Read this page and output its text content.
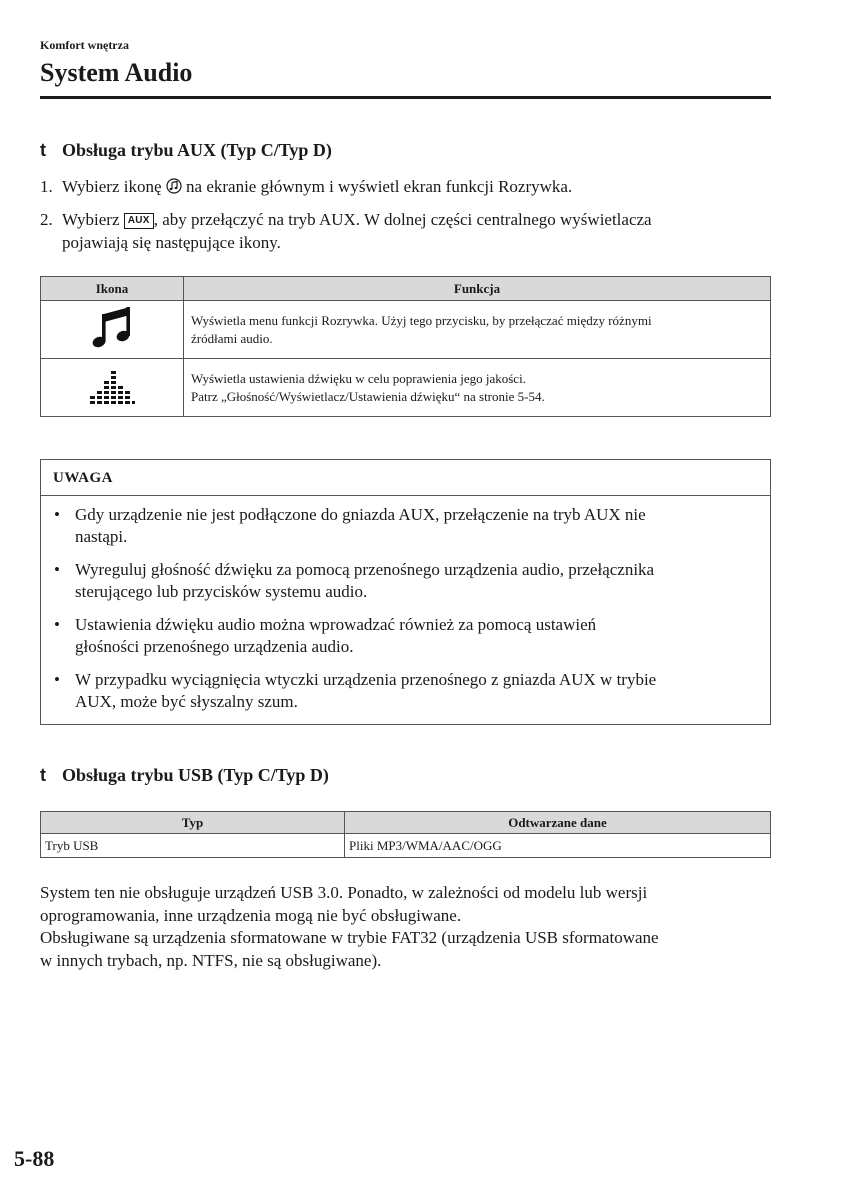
Komfort wnętrza
System Audio
t Obsługa trybu AUX (Typ C/Typ D)
1. Wybierz ikonę na ekranie głównym i wyświetl ekran funkcji Rozrywka.
2. Wybierz AUX , aby przełączyć na tryb AUX. W dolnej części centralnego wyświetlacza
pojawiają się następujące ikony.
Ikona	Funkcja

Wyświetla menu funkcji Rozrywka. Użyj tego przycisku, by przełączać między różnymi
źródłami audio.

Wyświetla ustawienia dźwięku w celu poprawienia jego jakości.
Patrz „Głośność/Wyświetlacz/Ustawienia dźwięku“ na stronie 5-54.
UWAGA
• Gdy urządzenie nie jest podłączone do gniazda AUX, przełączenie na tryb AUX nie
nastąpi.
• Wyreguluj głośność dźwięku za pomocą przenośnego urządzenia audio, przełącznika
sterującego lub przycisków systemu audio.
• Ustawienia dźwięku audio można wprowadzać również za pomocą ustawień
głośności przenośnego urządzenia audio.
• W przypadku wyciągnięcia wtyczki urządzenia przenośnego z gniazda AUX w trybie
AUX, może być słyszalny szum.
t Obsługa trybu USB (Typ C/Typ D)
Typ	Odtwarzane dane
Tryb USB	Pliki MP3/WMA/AAC/OGG
System ten nie obsługuje urządzeń USB 3.0. Ponadto, w zależności od modelu lub wersji
oprogramowania, inne urządzenia mogą nie być obsługiwane.
Obsługiwane są urządzenia sformatowane w trybie FAT32 (urządzenia USB sformatowane
w innych trybach, np. NTFS, nie są obsługiwane).
5-88
